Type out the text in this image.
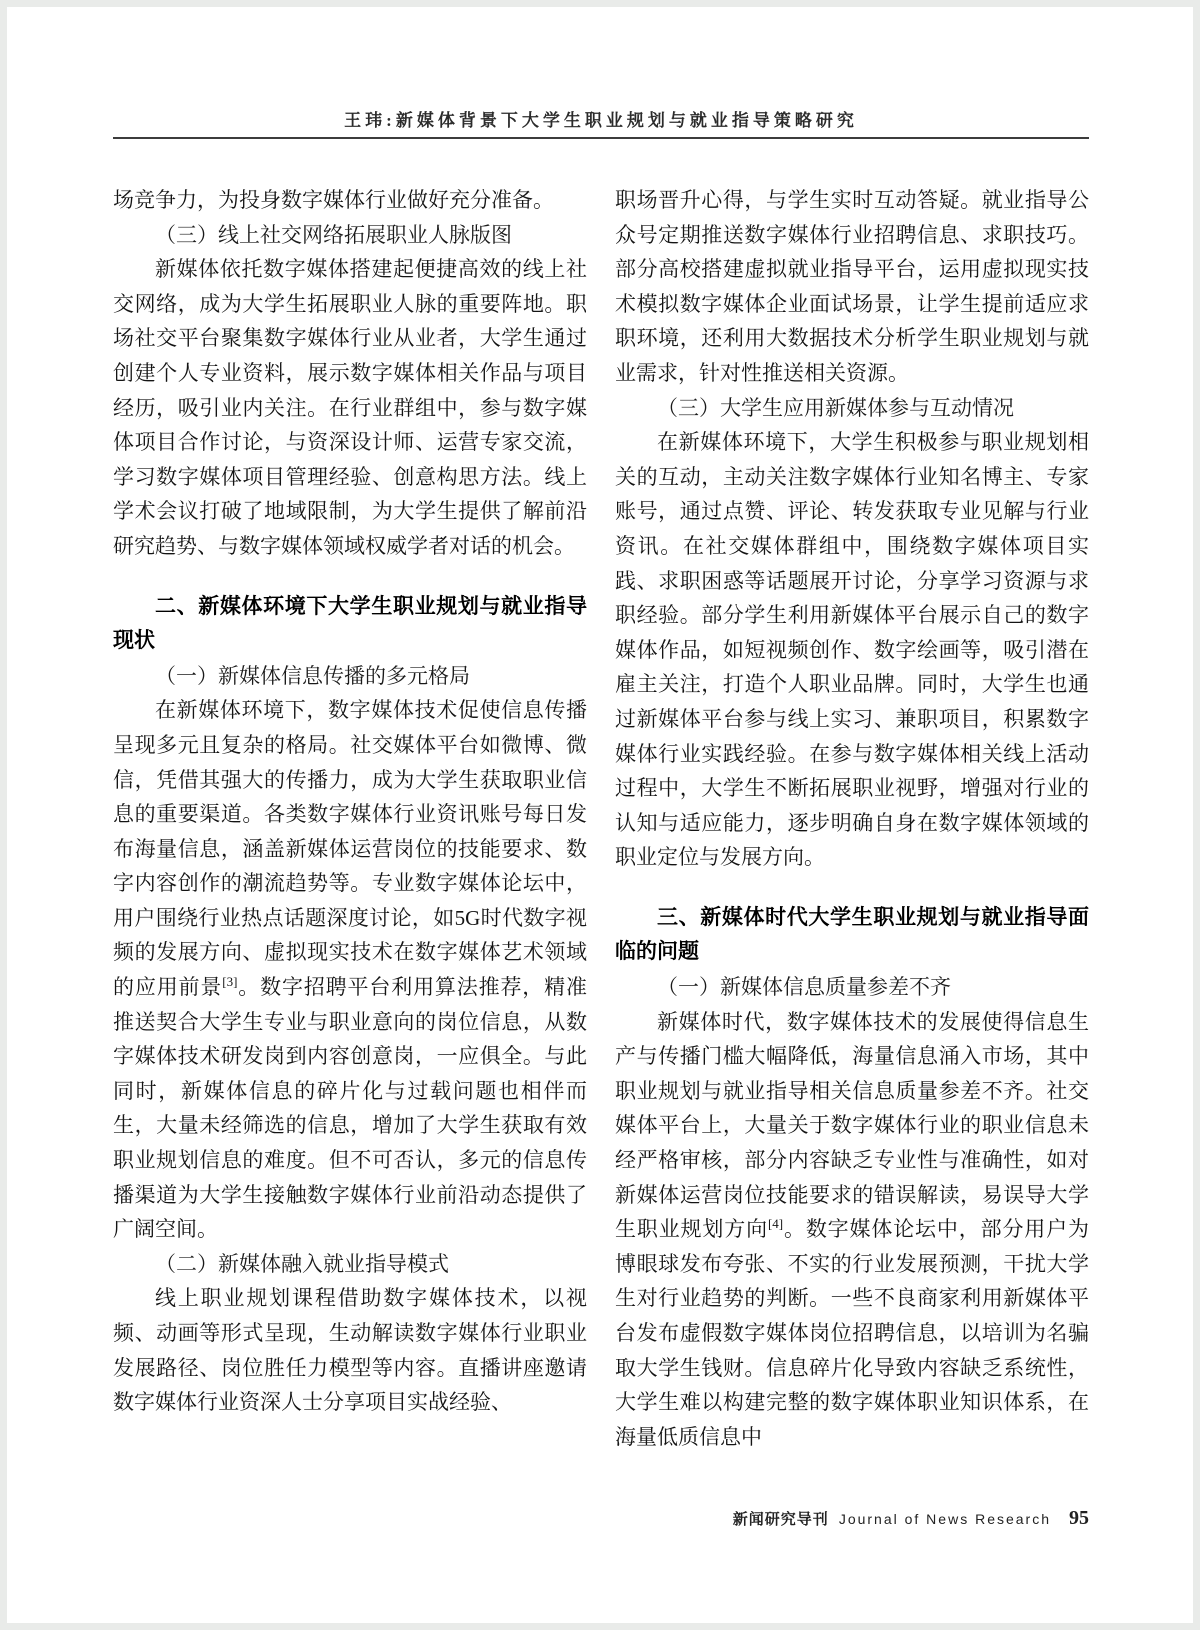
王玮:新媒体背景下大学生职业规划与就业指导策略研究

场竞争力，为投身数字媒体行业做好充分准备。

（三）线上社交网络拓展职业人脉版图

新媒体依托数字媒体搭建起便捷高效的线上社交网络，成为大学生拓展职业人脉的重要阵地。职场社交平台聚集数字媒体行业从业者，大学生通过创建个人专业资料，展示数字媒体相关作品与项目经历，吸引业内关注。在行业群组中，参与数字媒体项目合作讨论，与资深设计师、运营专家交流，学习数字媒体项目管理经验、创意构思方法。线上学术会议打破了地域限制，为大学生提供了解前沿研究趋势、与数字媒体领域权威学者对话的机会。

二、新媒体环境下大学生职业规划与就业指导现状

（一）新媒体信息传播的多元格局

在新媒体环境下，数字媒体技术促使信息传播呈现多元且复杂的格局。社交媒体平台如微博、微信，凭借其强大的传播力，成为大学生获取职业信息的重要渠道。各类数字媒体行业资讯账号每日发布海量信息，涵盖新媒体运营岗位的技能要求、数字内容创作的潮流趋势等。专业数字媒体论坛中，用户围绕行业热点话题深度讨论，如5G时代数字视频的发展方向、虚拟现实技术在数字媒体艺术领域的应用前景[3]。数字招聘平台利用算法推荐，精准推送契合大学生专业与职业意向的岗位信息，从数字媒体技术研发岗到内容创意岗，一应俱全。与此同时，新媒体信息的碎片化与过载问题也相伴而生，大量未经筛选的信息，增加了大学生获取有效职业规划信息的难度。但不可否认，多元的信息传播渠道为大学生接触数字媒体行业前沿动态提供了广阔空间。

（二）新媒体融入就业指导模式

线上职业规划课程借助数字媒体技术，以视频、动画等形式呈现，生动解读数字媒体行业职业发展路径、岗位胜任力模型等内容。直播讲座邀请数字媒体行业资深人士分享项目实战经验、

职场晋升心得，与学生实时互动答疑。就业指导公众号定期推送数字媒体行业招聘信息、求职技巧。部分高校搭建虚拟就业指导平台，运用虚拟现实技术模拟数字媒体企业面试场景，让学生提前适应求职环境，还利用大数据技术分析学生职业规划与就业需求，针对性推送相关资源。

（三）大学生应用新媒体参与互动情况

在新媒体环境下，大学生积极参与职业规划相关的互动，主动关注数字媒体行业知名博主、专家账号，通过点赞、评论、转发获取专业见解与行业资讯。在社交媒体群组中，围绕数字媒体项目实践、求职困惑等话题展开讨论，分享学习资源与求职经验。部分学生利用新媒体平台展示自己的数字媒体作品，如短视频创作、数字绘画等，吸引潜在雇主关注，打造个人职业品牌。同时，大学生也通过新媒体平台参与线上实习、兼职项目，积累数字媒体行业实践经验。在参与数字媒体相关线上活动过程中，大学生不断拓展职业视野，增强对行业的认知与适应能力，逐步明确自身在数字媒体领域的职业定位与发展方向。

三、新媒体时代大学生职业规划与就业指导面临的问题

（一）新媒体信息质量参差不齐

新媒体时代，数字媒体技术的发展使得信息生产与传播门槛大幅降低，海量信息涌入市场，其中职业规划与就业指导相关信息质量参差不齐。社交媒体平台上，大量关于数字媒体行业的职业信息未经严格审核，部分内容缺乏专业性与准确性，如对新媒体运营岗位技能要求的错误解读，易误导大学生职业规划方向[4]。数字媒体论坛中，部分用户为博眼球发布夸张、不实的行业发展预测，干扰大学生对行业趋势的判断。一些不良商家利用新媒体平台发布虚假数字媒体岗位招聘信息，以培训为名骗取大学生钱财。信息碎片化导致内容缺乏系统性，大学生难以构建完整的数字媒体职业知识体系，在海量低质信息中

新闻研究导刊 Journal of News Research 95
